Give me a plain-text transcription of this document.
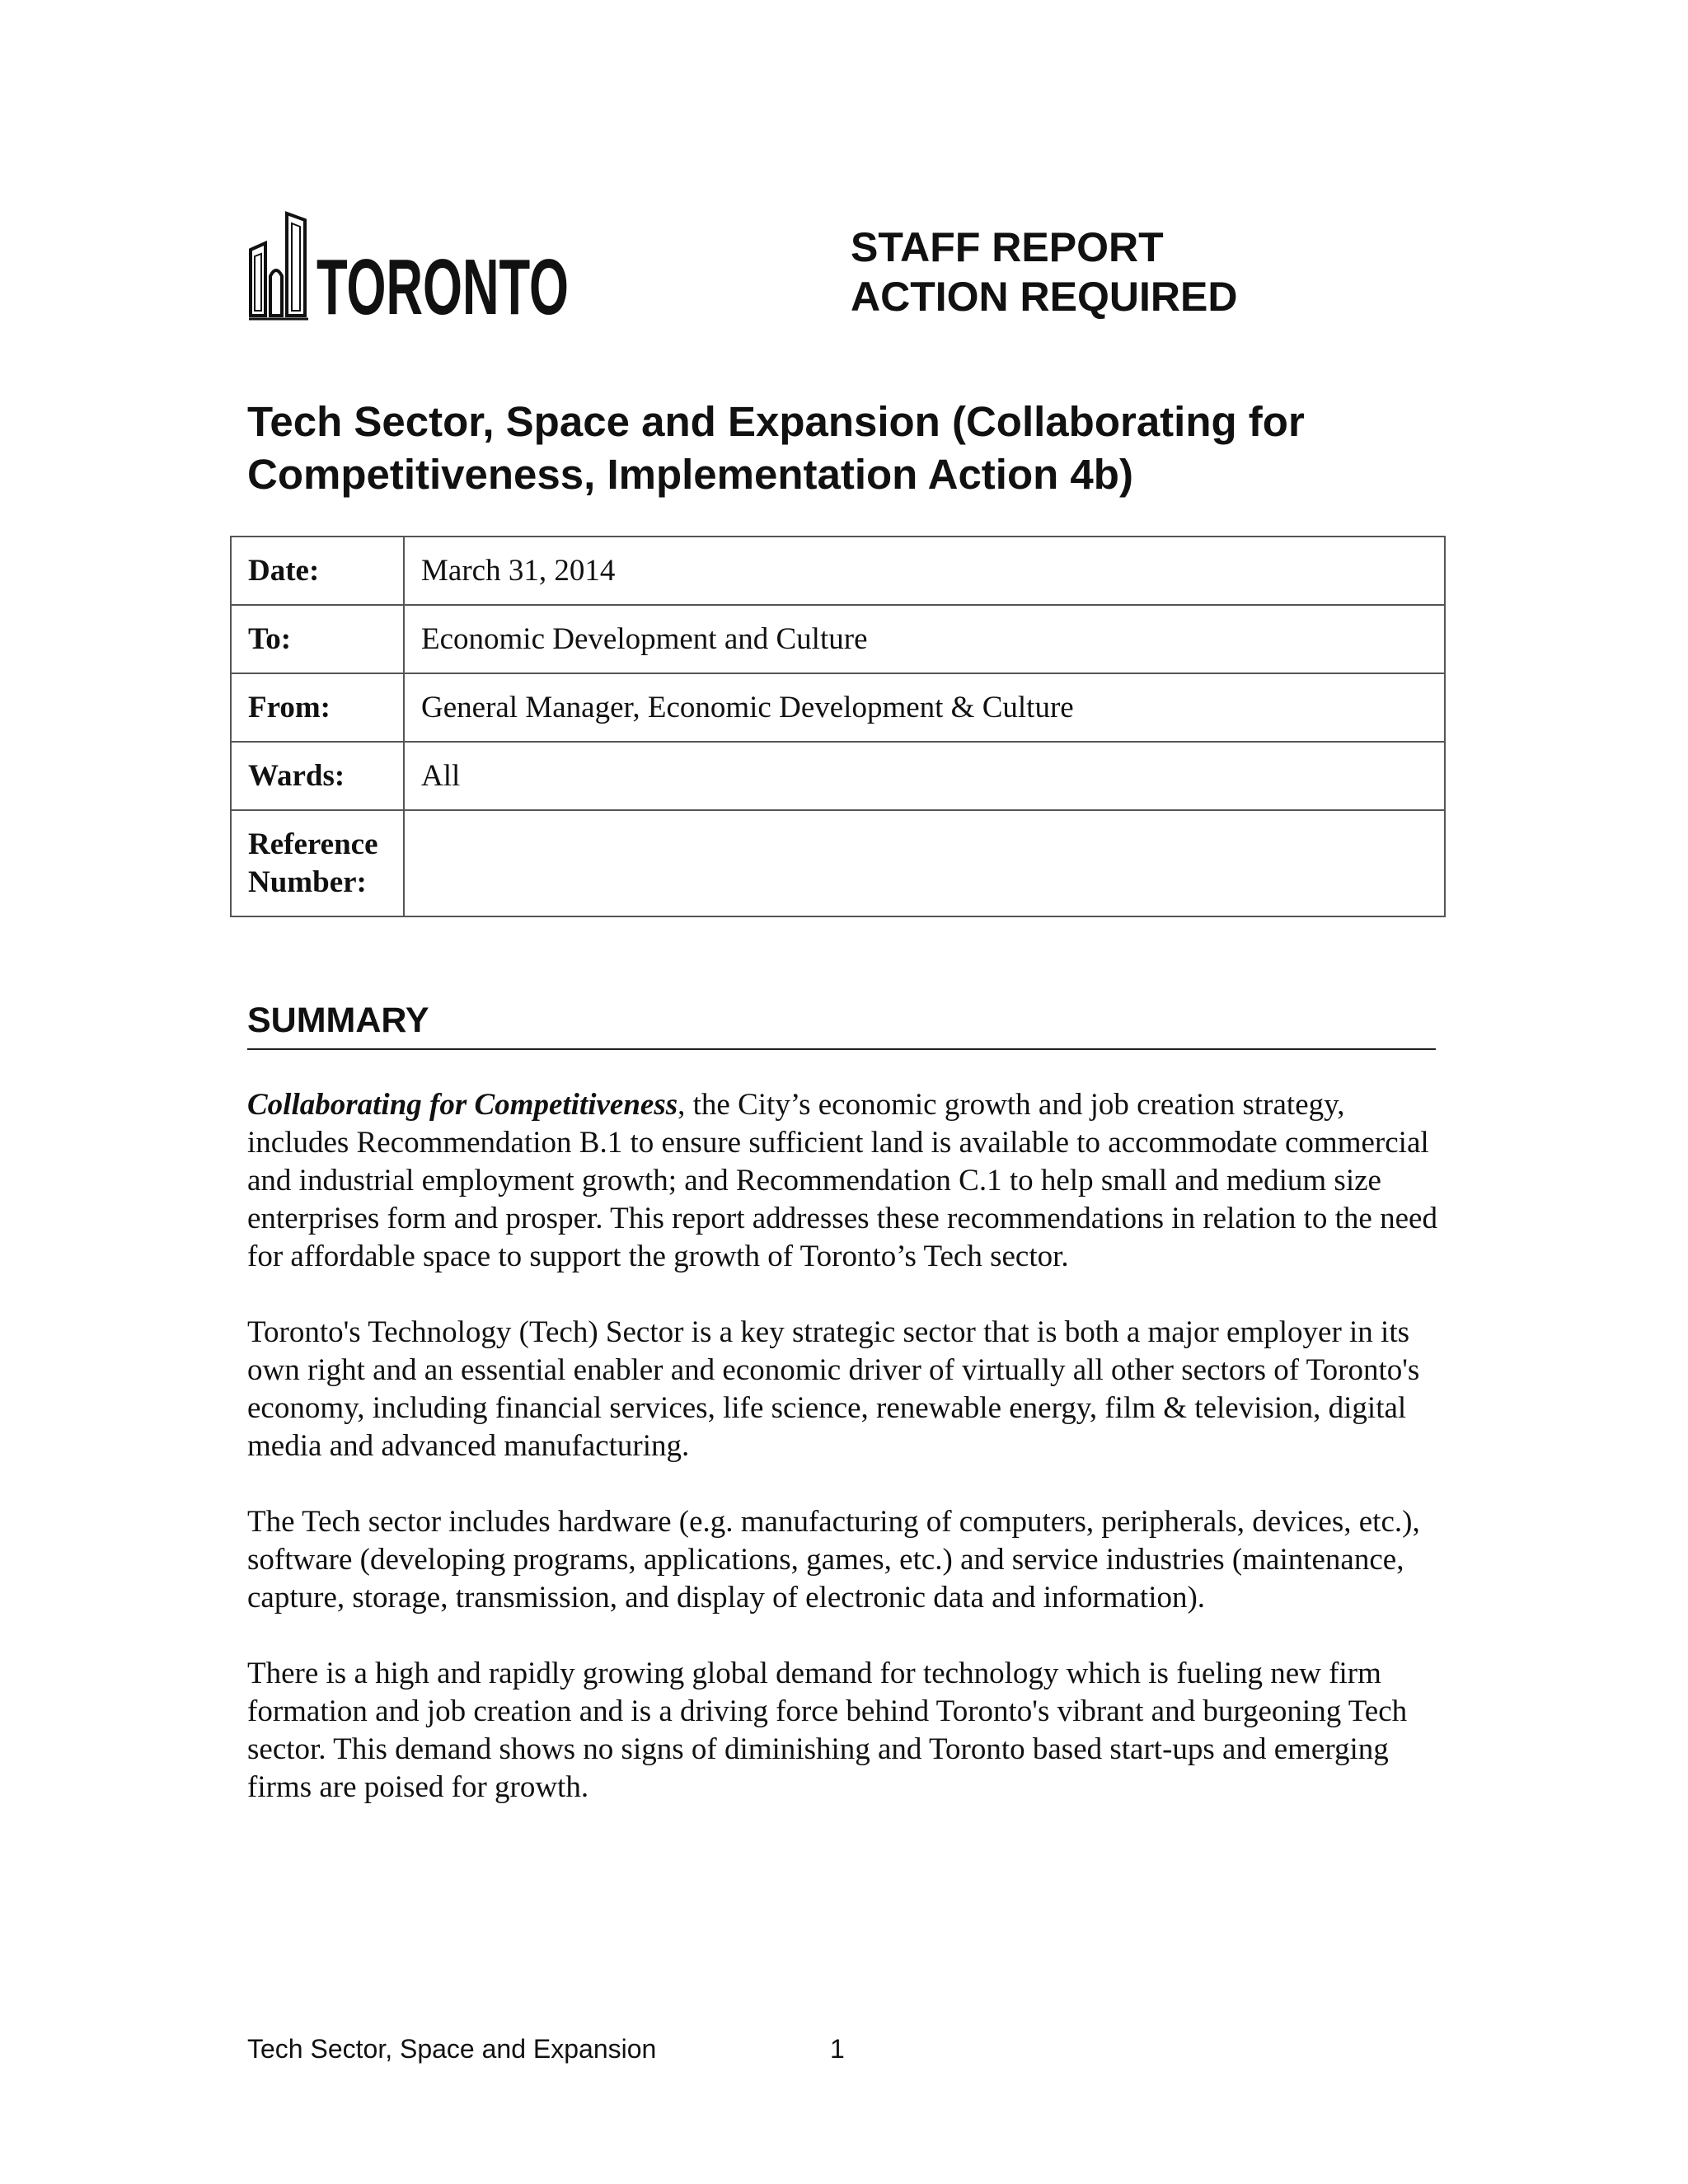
TORONTO	STAFF REPORT
ACTION REQUIRED
Tech Sector, Space and Expansion (Collaborating for
Competitiveness, Implementation Action 4b)
Date:	March 31, 2014
To:	Economic Development and Culture
From:	General Manager, Economic Development & Culture
Wards:	All
Reference
Number:	
SUMMARY

Collaborating for Competitiveness, the City’s economic growth and job creation strategy, includes Recommendation B.1 to ensure sufficient land is available to accommodate commercial and industrial employment growth; and Recommendation C.1 to help small and medium size enterprises form and prosper. This report addresses these recommendations in relation to the need for affordable space to support the growth of Toronto’s Tech sector.

Toronto's Technology (Tech) Sector is a key strategic sector that is both a major employer in its own right and an essential enabler and economic driver of virtually all other sectors of Toronto's economy, including financial services, life science, renewable energy, film & television, digital media and advanced manufacturing.

The Tech sector includes hardware (e.g. manufacturing of computers, peripherals, devices, etc.), software (developing programs, applications, games, etc.) and service industries (maintenance, capture, storage, transmission, and display of electronic data and information).

There is a high and rapidly growing global demand for technology which is fueling new firm formation and job creation and is a driving force behind Toronto's vibrant and burgeoning Tech sector. This demand shows no signs of diminishing and Toronto based start-ups and emerging firms are poised for growth.

Tech Sector, Space and Expansion	1
